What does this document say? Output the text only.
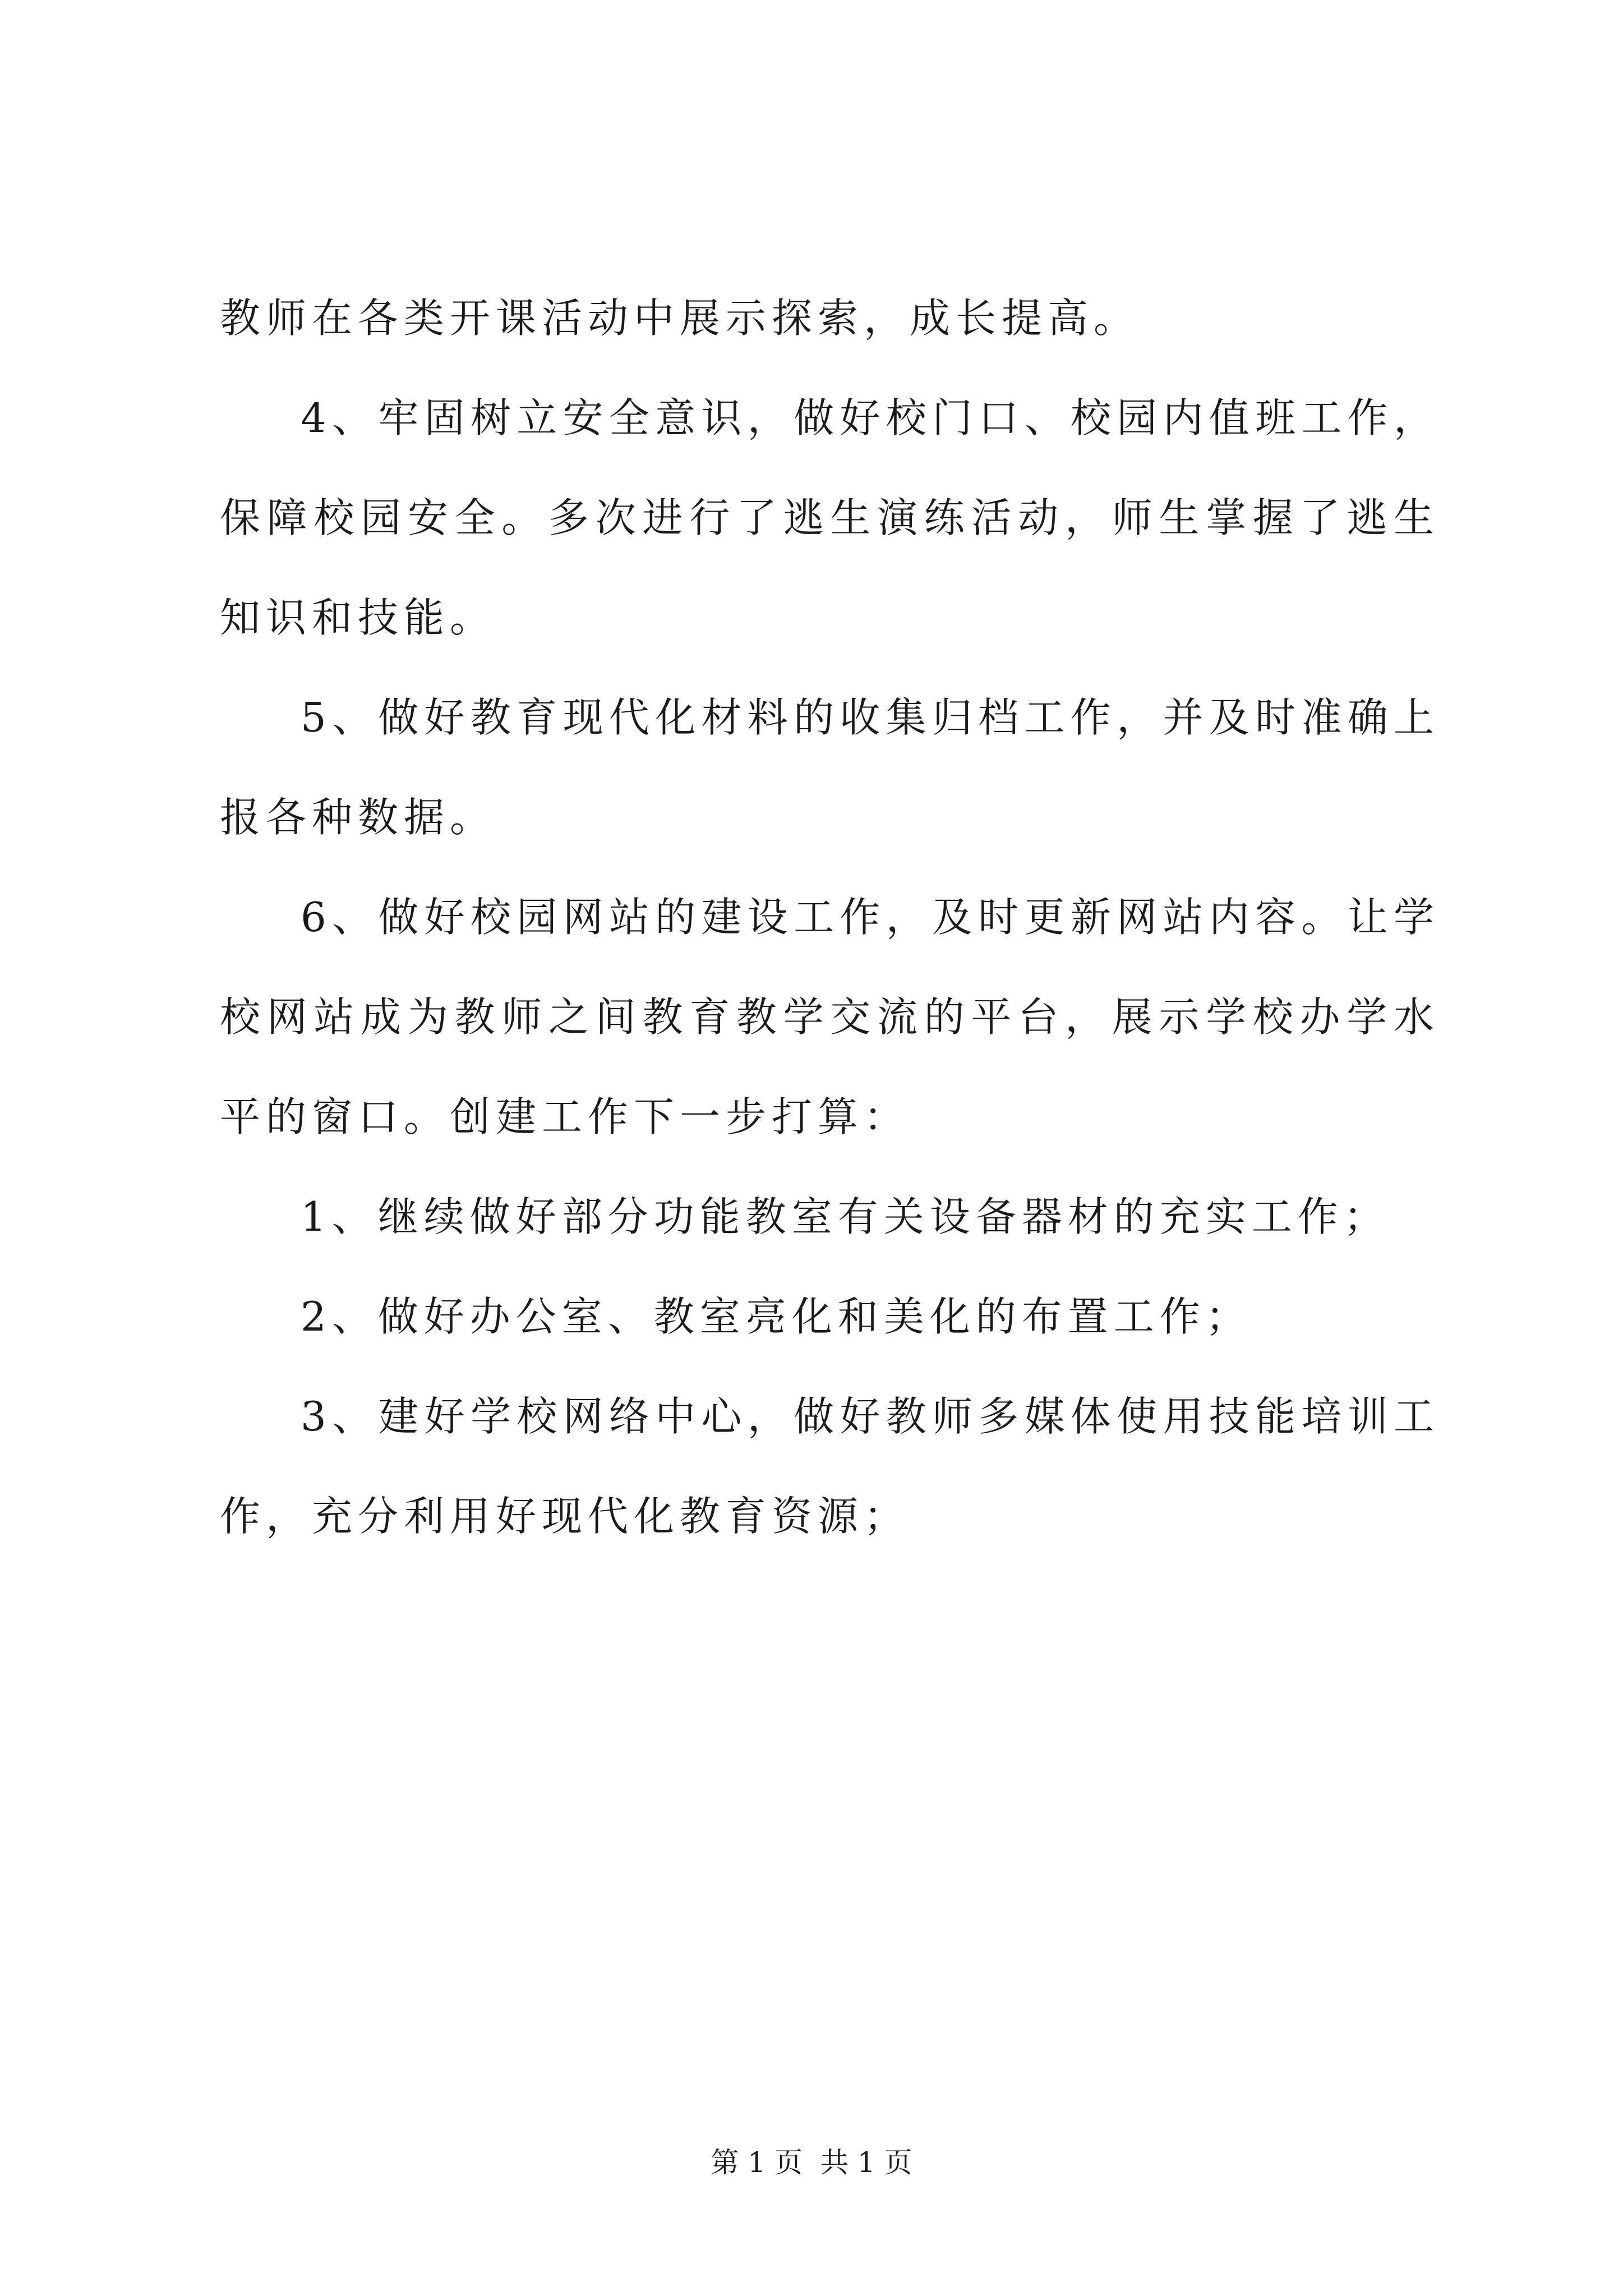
教师在各类开课活动中展示探索，成长提高。

4、牢固树立安全意识，做好校门口、校园内值班工作，保障校园安全。多次进行了逃生演练活动，师生掌握了逃生知识和技能。

5、做好教育现代化材料的收集归档工作，并及时准确上报各种数据。

6、做好校园网站的建设工作，及时更新网站内容。让学校网站成为教师之间教育教学交流的平台，展示学校办学水平的窗口。创建工作下一步打算：

1、继续做好部分功能教室有关设备器材的充实工作；

2、做好办公室、教室亮化和美化的布置工作；

3、建好学校网络中心，做好教师多媒体使用技能培训工作，充分利用好现代化教育资源；

第 1 页  共 1 页
